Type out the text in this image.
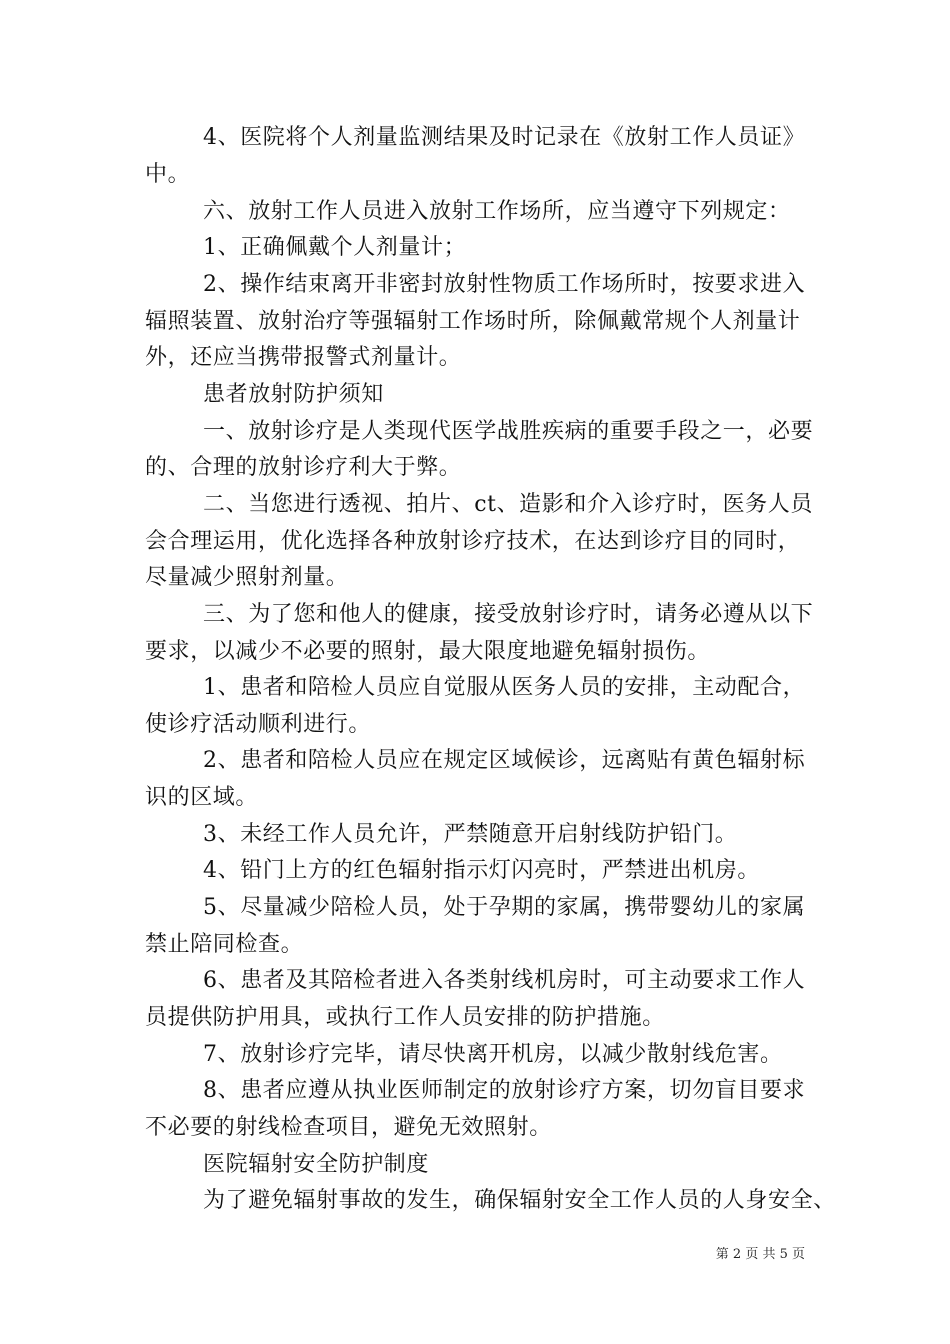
4、医院将个人剂量监测结果及时记录在《放射工作人员证》
中。
六、放射工作人员进入放射工作场所，应当遵守下列规定：
1、正确佩戴个人剂量计；
2、操作结束离开非密封放射性物质工作场所时，按要求进入
辐照装置、放射治疗等强辐射工作场时所，除佩戴常规个人剂量计
外，还应当携带报警式剂量计。
患者放射防护须知
一、放射诊疗是人类现代医学战胜疾病的重要手段之一，必要
的、合理的放射诊疗利大于弊。
二、当您进行透视、拍片、ct、造影和介入诊疗时，医务人员
会合理运用，优化选择各种放射诊疗技术，在达到诊疗目的同时，
尽量减少照射剂量。
三、为了您和他人的健康，接受放射诊疗时，请务必遵从以下
要求，以减少不必要的照射，最大限度地避免辐射损伤。
1、患者和陪检人员应自觉服从医务人员的安排，主动配合，
使诊疗活动顺利进行。
2、患者和陪检人员应在规定区域候诊，远离贴有黄色辐射标
识的区域。
3、未经工作人员允许，严禁随意开启射线防护铅门。
4、铅门上方的红色辐射指示灯闪亮时，严禁进出机房。
5、尽量减少陪检人员，处于孕期的家属，携带婴幼儿的家属
禁止陪同检查。
6、患者及其陪检者进入各类射线机房时，可主动要求工作人
员提供防护用具，或执行工作人员安排的防护措施。
7、放射诊疗完毕，请尽快离开机房，以减少散射线危害。
8、患者应遵从执业医师制定的放射诊疗方案，切勿盲目要求
不必要的射线检查项目，避免无效照射。
医院辐射安全防护制度
为了避免辐射事故的发生，确保辐射安全工作人员的人身安全、
第 2 页 共 5 页
